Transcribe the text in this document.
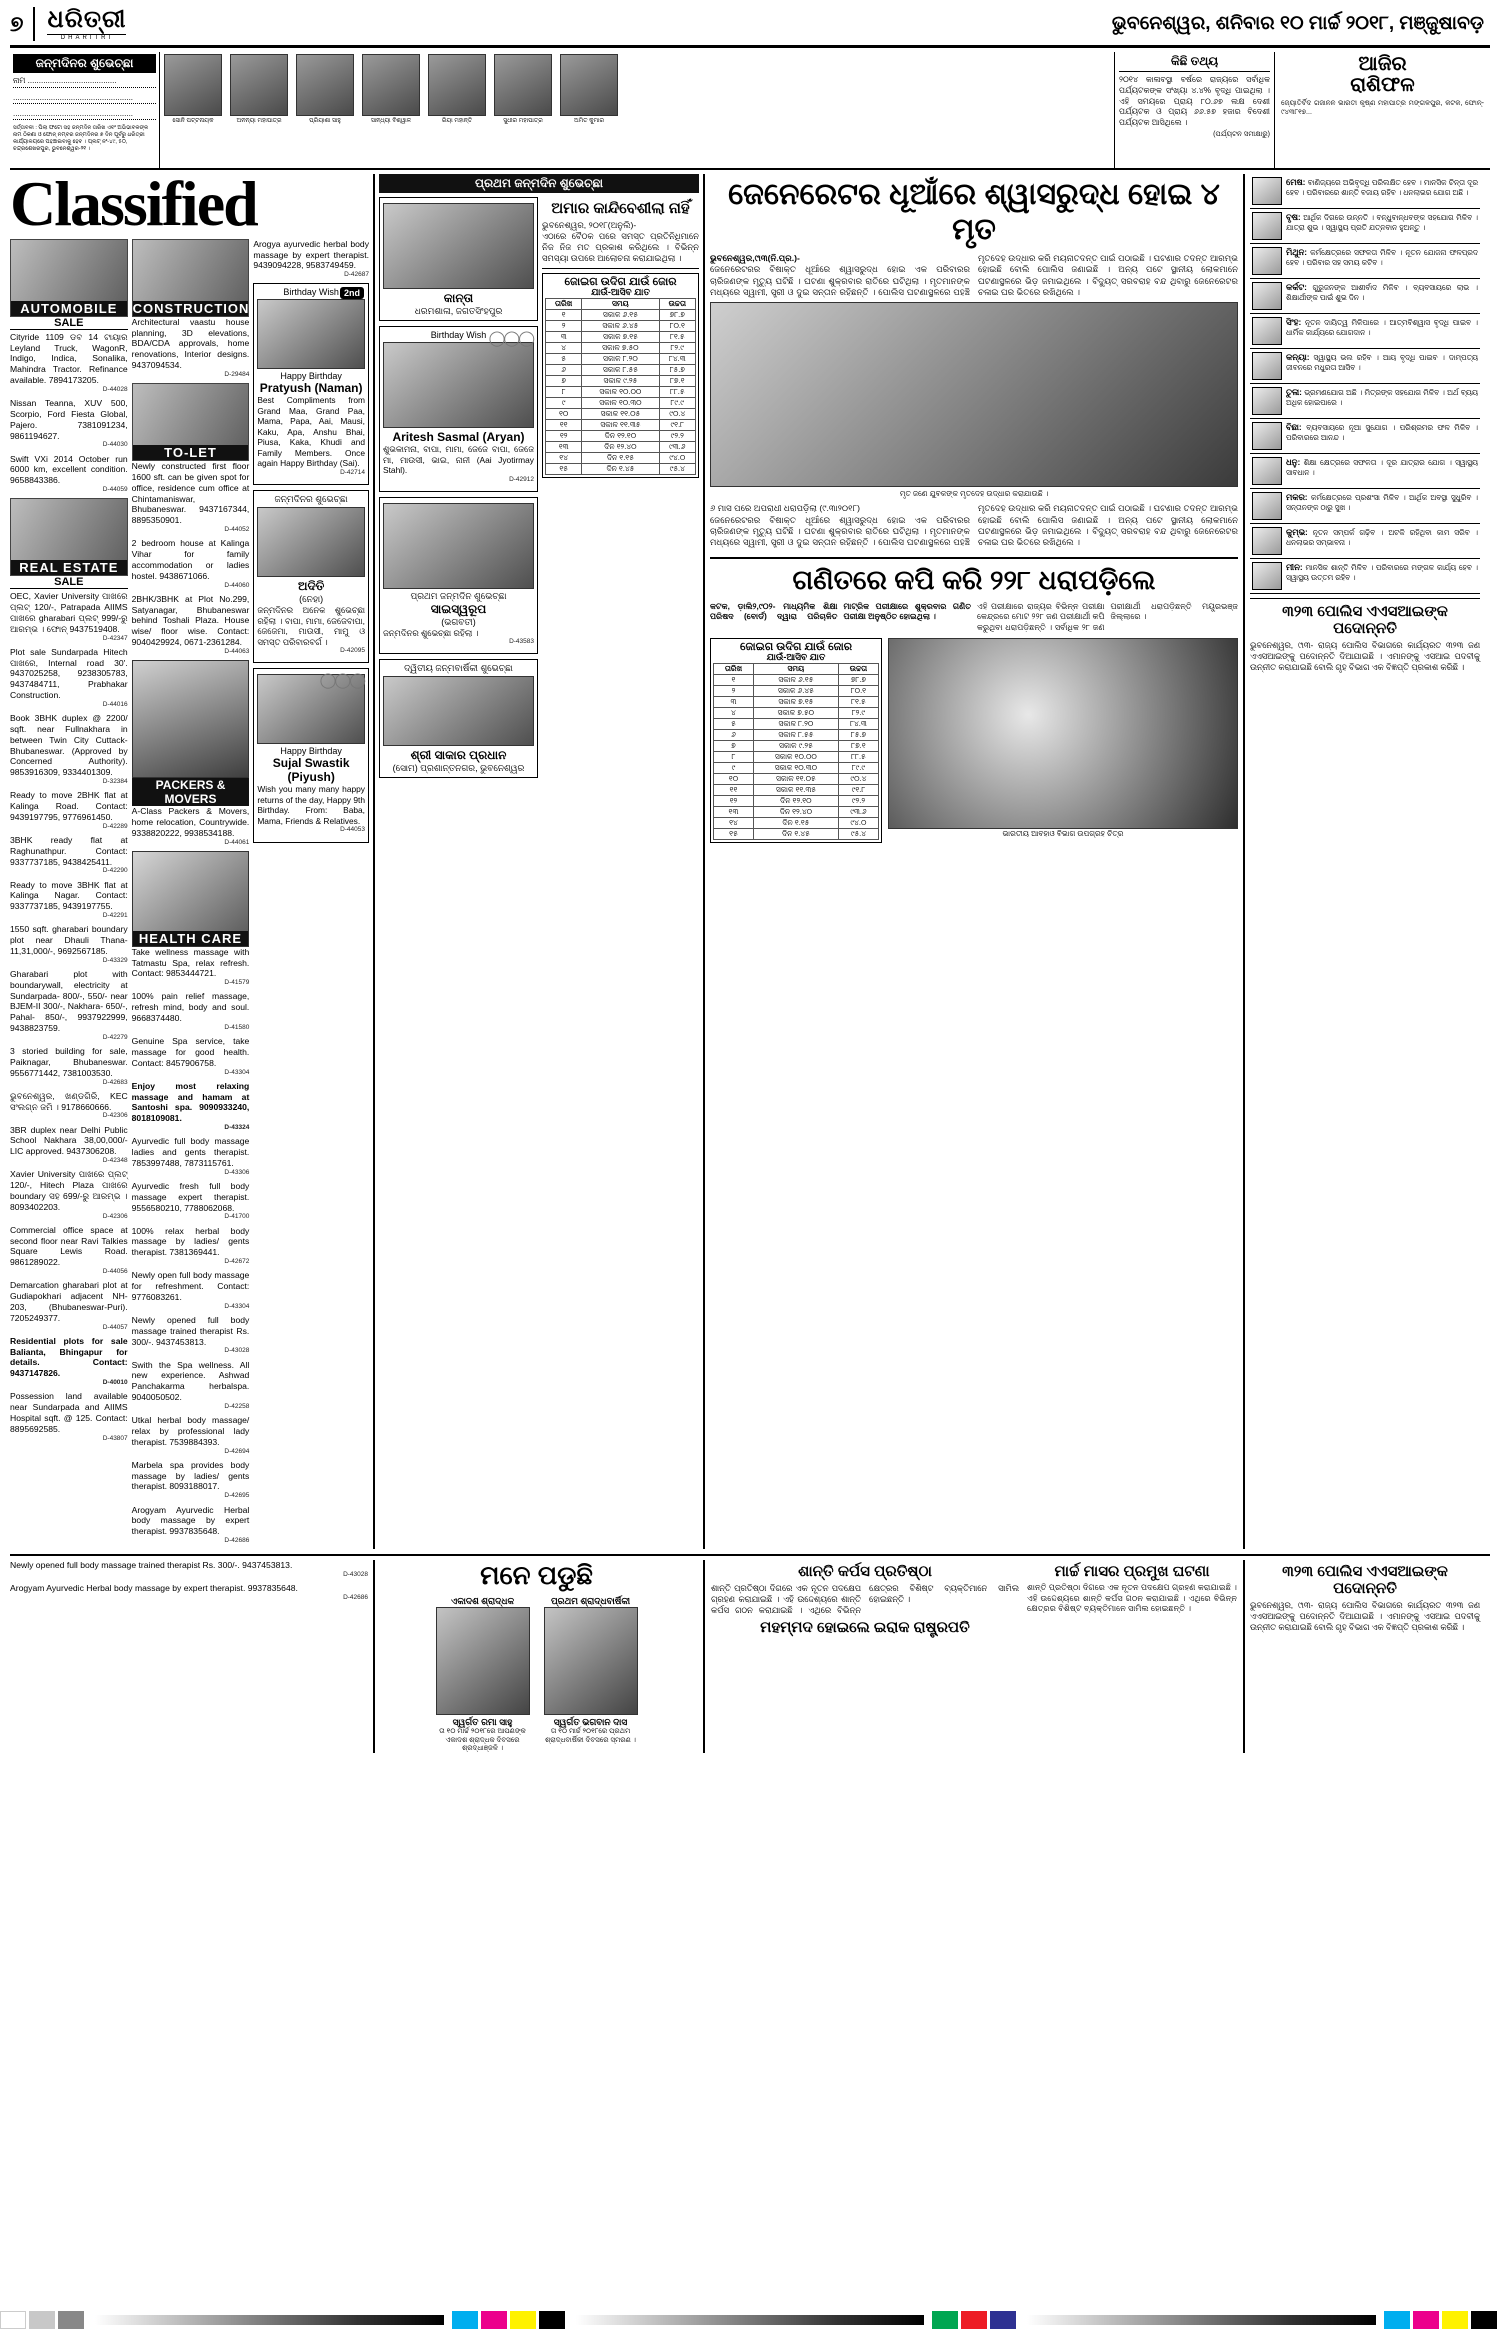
୭	ଧରିତ୍ରୀ
DHARITRI
ଭୁବନେଶ୍ୱର, ଶନିବାର ୧୦ ମାର୍ଚ୍ଚ ୨୦୧୮, ମଞ୍ଜୁଷାବଡ଼
ଜନ୍ମଦିନର ଶୁଭେଚ୍ଛା
ନାମ ........................................
......................................................
......................................................
ସର୍ତ୍ତାବଳୀ : ପିଲା ଫଟୋ ସହ ଜନ୍ମଦିନ ତାରିଖ ଏବଂ ଅଭିଭାବକଙ୍କ ନାମ ଠିକଣା ଓ ଫୋନ୍ ନମ୍ବର ଜନ୍ମଦିନର ୭ ଦିନ ପୂର୍ବରୁ ଧରିତ୍ରୀ କାର୍ଯ୍ୟାଳୟରେ ପହଞ୍ଚାଇବାକୁ ହେବ । ପ୍ଲଟ୍ ନଂ-୪୯, ୫୦, ଚନ୍ଦ୍ରଶେଖରପୁର, ଭୁବନେଶ୍ୱର-୨୧ ।
ସୋନି ପଟ୍ଟନାୟକ	ଅନନ୍ୟା ମହାପାତ୍ର	ପ୍ରିୟାଶା ସାହୁ	ସାନ୍ଧ୍ୟା ବିଶ୍ୱାଳ	ରିୟା ମହାନ୍ତି	ସୁଧୀର ମହାପାତ୍ର	ଅମିତ କୁମାର
କିଛି ତଥ୍ୟ
୨୦୧୪ କାଳାବସ୍ଥା ବର୍ଷରେ ରାଜ୍ୟରେ ସର୍ବାଧିକ ପର୍ଯ୍ୟଟକଙ୍କ ସଂଖ୍ୟା ୪.୪% ବୃଦ୍ଧି ପାଇଥିଲା । ଏହି ସମୟରେ ପ୍ରାୟ ୮୦.୬୭ ଲକ୍ଷ ଦେଶୀ ପର୍ଯ୍ୟଟକ ଓ ପ୍ରାୟ ୬୬.୫୭ ହଜାର ବିଦେଶୀ ପର୍ଯ୍ୟଟକ ଆସିଥିଲେ ।
(ପର୍ଯ୍ୟଟନ ସମୀକ୍ଷାରୁ)
ଆଜିର
ରାଶିଫଳ
ଜ୍ୟୋତିର୍ବିଦ ଗଜାନନ ଭାରତୀ କୃଷ୍ଣ ମହାପାତ୍ର ମଙ୍ଗଳପୁର, କଟକ, ଫୋନ୍- ୯୪୩୮୧୭...
Classified
AUTOMOBILE
SALE
Cityride 1109 ଡବ 14 ଟାୟାର Leyland Truck, WagonR, Indigo, Indica, Sonalika, Mahindra Tractor. Refinance available. 7894173205.
D-44028
Nissan Teanna, XUV 500, Scorpio, Ford Fiesta Global, Pajero. 7381091234, 9861194627.
D-44030
Swift VXi 2014 October run 6000 km, excellent condition. 9658843386.
D-44059
REAL ESTATE
SALE
OEC, Xavier University ପାଖରେ ପ୍ଲଟ୍ 120/-, Patrapada AIIMS ପାଖରେ gharabari ପ୍ଲଟ୍ 999/-ରୁ ଆରମ୍ଭ । ଫୋନ୍ 9437519408.
D-42347
Plot sale Sundarpada Hitech ପାଖରେ, Internal road 30'. 9437025258, 9238305783, 9437484711, Prabhakar Construction.
D-44016
Book 3BHK duplex @ 2200/ sqft. near Fullnakhara in between Twin City Cuttack- Bhubaneswar. (Approved by Concerned Authority). 9853916309, 9334401309.
D-32384
Ready to move 2BHK flat at Kalinga Road. Contact: 9439197795, 9776961450.
D-42289
3BHK ready flat at Raghunathpur. Contact: 9337737185, 9438425411.
D-42290
Ready to move 3BHK flat at Kalinga Nagar. Contact: 9337737185, 9439197755.
D-42291
1550 sqft. gharabari boundary plot near Dhauli Thana- 11,31,000/-, 9692567185.
D-43329
Gharabari plot with boundarywall, electricity at Sundarpada- 800/-, 550/- near BJEM-II 300/-, Nakhara- 650/-, Pahal- 850/-, 9937922999, 9438823759.
D-42279
3 storied building for sale, Paiknagar, Bhubaneswar. 9556771442, 7381003530.
D-42683
ଭୁବନେଶ୍ୱର, ଖଣ୍ଡଗିରି, KEC ସଂଲଗ୍ନ ଜମି । 9178660666.
D-42306
3BR duplex near Delhi Public School Nakhara 38,00,000/- LIC approved. 9437306208.
D-42348
Xavier University ପାଖରେ ପ୍ଲଟ୍ 120/-, Hitech Plaza ପାଖରେ boundary ସହ 699/-ରୁ ଆରମ୍ଭ । 8093402203.
D-42306
Commercial office space at second floor near Ravi Talkies Square Lewis Road. 9861289022.
D-44056
Demarcation gharabari plot at Gudiapokhari adjacent NH-203, (Bhubaneswar-Puri). 7205249377.
D-44057
Residential plots for sale Balianta, Bhingapur for details. Contact: 9437147826.
D-40010
Possession land available near Sundarpada and AIIMS Hospital sqft. @ 125. Contact: 8895692585.
D-43807
CONSTRUCTION
Architectural vaastu house planning, 3D elevations, BDA/CDA approvals, home renovations, Interior designs. 9437094534.
D-29484
TO-LET
Newly constructed first floor 1600 sft. can be given spot for office, residence cum office at Chintamaniswar, Bhubaneswar. 9437167344, 8895350901.
D-44052
2 bedroom house at Kalinga Vihar for family accommodation or ladies hostel. 9438671066.
D-44060
2BHK/3BHK at Plot No.299, Satyanagar, Bhubaneswar behind Toshali Plaza. House wise/ floor wise. Contact: 9040429924, 0671-2361284.
D-44063
PACKERS & MOVERS
A-Class Packers & Movers, home relocation, Countrywide. 9338820222, 9938534188.
D-44061
HEALTH CARE
Take wellness massage with Tatmastu Spa, relax refresh. Contact: 9853444721.
D-41579
100% pain relief massage, refresh mind, body and soul. 9668374480.
D-41580
Genuine Spa service, take massage for good health. Contact: 8457906758.
D-43304
Enjoy most relaxing massage and hamam at Santoshi spa. 9090933240, 8018109081.
D-43324
Ayurvedic full body massage ladies and gents therapist. 7853997488, 7873115761.
D-43306
Ayurvedic fresh full body massage expert therapist. 9556580210, 7788062068.
D-41700
100% relax herbal body massage by ladies/ gents therapist. 7381369441.
D-42672
Newly open full body massage for refreshment. Contact: 9776083261.
D-43304
Newly opened full body massage trained therapist Rs. 300/-. 9437453813.
D-43028
Swith the Spa wellness. All new experience. Ashwad Panchakarma herbalspa. 9040050502.
D-42258
Utkal herbal body massage/ relax by professional lady therapist. 7539884393.
D-42694
Marbela spa provides body massage by ladies/ gents therapist. 8093188017.
D-42695
Arogyam Ayurvedic Herbal body massage by expert therapist. 9937835648.
D-42686
Arogya ayurvedic herbal body massage by expert therapist. 9439094228, 9583749459.
D-42687
2nd
Birthday Wish
Happy Birthday
Pratyush (Naman)
Best Compliments from Grand Maa, Grand Paa, Mama, Papa, Aai, Mausi, Kaku, Apa, Anshu Bhai, Piusa, Kaka, Khudi and Family Members. Once again Happy Birthday (Sai).
D-42714
ଜନ୍ମଦିନର ଶୁଭେଚ୍ଛା
ଅଦିତି
(ନେହା)
ଜନ୍ମଦିନର ଅନେକ ଶୁଭେଚ୍ଛା ରହିଲା । ବାପା, ମାମା, ଜେଜେବାପା, ଜେଜେମା, ମାଉସୀ, ମାମୁ ଓ ସମସ୍ତ ପରିବାରବର୍ଗ ।
D-42095
◯◯◯
Happy Birthday
Sujal Swastik (Piyush)
Wish you many many happy returns of the day, Happy 9th Birthday. From: Baba, Mama, Friends & Relatives.
D-44053
ପ୍ରଥମ ଜନ୍ମଦିନ ଶୁଭେଚ୍ଛା
କାନ୍ତା
ଧରମଶାଳା, ଜଗତସିଂହପୁର
◯◯◯
Birthday Wish
Aritesh Sasmal (Aryan)
ଶୁଭକାମନା, ବାପା, ମାମା, ଜେଜେ ବାପା, ଜେଜେ ମା, ମାଉସୀ, ଭାଇ, ନାନୀ (Aai Jyotirmay Stahl).
D-42912
ପ୍ରଥମ ଜନ୍ମଦିନ ଶୁଭେଚ୍ଛା
ସାଇସ୍ୱରୂପ
(ଭଗବତୀ)
ଜନ୍ମଦିନର ଶୁଭେଚ୍ଛା ରହିଲା ।
D-43583
ଦ୍ୱିତୀୟ ଜନ୍ମବାର୍ଷିକୀ ଶୁଭେଚ୍ଛା
ଶ୍ରୀ ସାକାର ପ୍ରଧାନ
(ସୋମ) ପ୍ରଶାନ୍ତନଗର, ଭୁବନେଶ୍ୱର
ଅମାର କାନ୍ଦିବେଶୀଲା ନାହିଁ
ଭୁବନେଶ୍ୱର, ୨୦୧୮(ଅନୁଲି)-
ଏଠାରେ ବୈଠକ ପରେ ସମସ୍ତ ପ୍ରତିନିଧିମାନେ ନିଜ ନିଜ ମତ ପ୍ରକାଶ କରିଥିଲେ । ବିଭିନ୍ନ ସମସ୍ୟା ଉପରେ ଆଲୋଚନା କରାଯାଇଥିଲା ।
ଜୋଇଗ ଉଦିଗ ଯାଉଁ ଜୋର
ଯାଉଁ-ଆସିବ ଯାତ
ତାରିଖ	ସମୟ	ଉଚ୍ଚତା
୧	ସକାଳ ୬.୧୫	୭୮.୭
୨	ସକାଳ ୬.୪୫	୮୦.୧
୩	ସକାଳ ୭.୧୫	୮୧.୫
୪	ସକାଳ ୭.୫୦	୮୨.୯
୫	ସକାଳ ୮.୨୦	୮୪.୩
୬	ସକାଳ ୮.୫୫	୮୫.୭
୭	ସକାଳ ୯.୨୫	୮୭.୧
୮	ସକାଳ ୧୦.୦୦	୮୮.୫
୯	ସକାଳ ୧୦.୩୦	୮୯.୯
୧୦	ସକାଳ ୧୧.୦୫	୯୦.୪
୧୧	ସକାଳ ୧୧.୩୫	୯୧.୮
୧୨	ଦିନ ୧୨.୧୦	୯୨.୨
୧୩	ଦିନ ୧୨.୪୦	୯୩.୬
୧୪	ଦିନ ୧.୧୫	୯୪.୦
୧୫	ଦିନ ୧.୪୫	୯୫.୪
ଜେନେରେଟର ଧୂଆଁରେ ଶ୍ୱାସରୁଦ୍ଧ ହୋଇ ୪ ମୃତ
ଭୁବନେଶ୍ୱର,୯ା୩(ନି.ପ୍ର.)-
ଜେନେରେଟରର ବିଷାକ୍ତ ଧୂଆଁରେ ଶ୍ୱାସରୁଦ୍ଧ ହୋଇ ଏକ ପରିବାରର ଚାରିଜଣଙ୍କ ମୃତ୍ୟୁ ଘଟିଛି । ଘଟଣା ଶୁକ୍ରବାର ରାତିରେ ଘଟିଥିଲା । ମୃତମାନଙ୍କ ମଧ୍ୟରେ ସ୍ୱାମୀ, ସ୍ତ୍ରୀ ଓ ଦୁଇ ସନ୍ତାନ ରହିଛନ୍ତି । ପୋଲିସ ଘଟଣାସ୍ଥଳରେ ପହଞ୍ଚି ମୃତଦେହ ଉଦ୍ଧାର କରି ମୟନାତଦନ୍ତ ପାଇଁ ପଠାଇଛି । ଘଟଣାର ତଦନ୍ତ ଆରମ୍ଭ ହୋଇଛି ବୋଲି ପୋଲିସ ଜଣାଇଛି । ଅନ୍ୟ ପଟେ ସ୍ଥାନୀୟ ଲୋକମାନେ ଘଟଣାସ୍ଥଳରେ ଭିଡ଼ ଜମାଇଥିଲେ । ବିଦ୍ୟୁତ୍ ସରବରାହ ବନ୍ଦ ଥିବାରୁ ଜେନେରେଟର ଚଳାଇ ଘର ଭିତରେ ରଖିଥିଲେ ।
ମୃତ ଜଣେ ଯୁବକଙ୍କ ମୃତଦେହ ଉଦ୍ଧାର କରାଯାଉଛି ।
୬ ମାସ ପରେ ଅପରାଧୀ ଧରାପଡ଼ିଲା (୯.୩ା୨୦୧୮)
ଜେନେରେଟରର ବିଷାକ୍ତ ଧୂଆଁରେ ଶ୍ୱାସରୁଦ୍ଧ ହୋଇ ଏକ ପରିବାରର ଚାରିଜଣଙ୍କ ମୃତ୍ୟୁ ଘଟିଛି । ଘଟଣା ଶୁକ୍ରବାର ରାତିରେ ଘଟିଥିଲା । ମୃତମାନଙ୍କ ମଧ୍ୟରେ ସ୍ୱାମୀ, ସ୍ତ୍ରୀ ଓ ଦୁଇ ସନ୍ତାନ ରହିଛନ୍ତି । ପୋଲିସ ଘଟଣାସ୍ଥଳରେ ପହଞ୍ଚି ମୃତଦେହ ଉଦ୍ଧାର କରି ମୟନାତଦନ୍ତ ପାଇଁ ପଠାଇଛି । ଘଟଣାର ତଦନ୍ତ ଆରମ୍ଭ ହୋଇଛି ବୋଲି ପୋଲିସ ଜଣାଇଛି । ଅନ୍ୟ ପଟେ ସ୍ଥାନୀୟ ଲୋକମାନେ ଘଟଣାସ୍ଥଳରେ ଭିଡ଼ ଜମାଇଥିଲେ । ବିଦ୍ୟୁତ୍ ସରବରାହ ବନ୍ଦ ଥିବାରୁ ଜେନେରେଟର ଚଳାଇ ଘର ଭିତରେ ରଖିଥିଲେ ।
ଗଣିତରେ କପି କରି ୨୨୮ ଧରାପଡ଼ିଲେ
କଟକ, ଡ଼ାଲି୨,୯୦୨- ମାଧ୍ୟମିକ ଶିକ୍ଷା ପରିଷଦ (ବୋର୍ଡ) ଦ୍ୱାରା ପରିଚାଳିତ ମାଟ୍ରିକ ପରୀକ୍ଷାରେ ଶୁକ୍ରବାର ଗଣିତ ପରୀକ୍ଷା ଅନୁଷ୍ଠିତ ହୋଇଥିଲା ।
ଏହି ପରୀକ୍ଷାରେ ରାଜ୍ୟର ବିଭିନ୍ନ ପରୀକ୍ଷା କେନ୍ଦ୍ରରେ ମୋଟ ୨୨୮ ଜଣ ପରୀକ୍ଷାର୍ଥୀ କପି କରୁଥିବା ଧରାପଡ଼ିଛନ୍ତି । ସର୍ବାଧିକ ୨୮ ଜଣ ପରୀକ୍ଷାର୍ଥୀ ଧରାପଡ଼ିଛନ୍ତି ମୟୂରଭଞ୍ଜ ଜିଲ୍ଲାରେ ।
ଜୋଇଗ ଉଦିଗ ଯାଉଁ ଜୋର
ଯାଉଁ-ଆସିବ ଯାତ
ତାରିଖ	ସମୟ	ଉଚ୍ଚତା
୧	ସକାଳ ୬.୧୫	୭୮.୭
୨	ସକାଳ ୬.୪୫	୮୦.୧
୩	ସକାଳ ୭.୧୫	୮୧.୫
୪	ସକାଳ ୭.୫୦	୮୨.୯
୫	ସକାଳ ୮.୨୦	୮୪.୩
୬	ସକାଳ ୮.୫୫	୮୫.୭
୭	ସକାଳ ୯.୨୫	୮୭.୧
୮	ସକାଳ ୧୦.୦୦	୮୮.୫
୯	ସକାଳ ୧୦.୩୦	୮୯.୯
୧୦	ସକାଳ ୧୧.୦୫	୯୦.୪
୧୧	ସକାଳ ୧୧.୩୫	୯୧.୮
୧୨	ଦିନ ୧୨.୧୦	୯୨.୨
୧୩	ଦିନ ୧୨.୪୦	୯୩.୬
୧୪	ଦିନ ୧.୧୫	୯୪.୦
୧୫	ଦିନ ୧.୪୫	୯୫.୪	ଭାରତୀୟ ଆବହାଓ ବିଭାଗ ଉପଗ୍ରହ ଚିତ୍ର
ମେଷ: ବାଣିଜ୍ୟରେ ଅଭିବୃଦ୍ଧି ପରିଲକ୍ଷିତ ହେବ । ମାନସିକ ଚିନ୍ତା ଦୂର ହେବ । ପରିବାରରେ ଶାନ୍ତି ବଜାୟ ରହିବ । ଧନଲାଭର ଯୋଗ ଅଛି ।
ବୃଷ: ଆର୍ଥିକ ଦିଗରେ ଉନ୍ନତି । ବନ୍ଧୁବାନ୍ଧବଙ୍କ ସହଯୋଗ ମିଳିବ । ଯାତ୍ରା ଶୁଭ । ସ୍ୱାସ୍ଥ୍ୟ ପ୍ରତି ଯତ୍ନବାନ ହୁଅନ୍ତୁ ।
ମିଥୁନ: କର୍ମକ୍ଷେତ୍ରରେ ସଫଳତା ମିଳିବ । ନୂତନ ଯୋଜନା ଫଳପ୍ରଦ ହେବ । ପରିବାର ସହ ସମୟ କଟିବ ।
କର୍କଟ: ଗୁରୁଜନଙ୍କ ଆଶୀର୍ବାଦ ମିଳିବ । ବ୍ୟବସାୟରେ ଲାଭ । ଶିକ୍ଷାର୍ଥୀଙ୍କ ପାଇଁ ଶୁଭ ଦିନ ।
ସିଂହ: ନୂତନ ଦାୟିତ୍ୱ ମିଳିପାରେ । ଆତ୍ମବିଶ୍ୱାସ ବୃଦ୍ଧି ପାଇବ । ଧାର୍ମିକ କାର୍ଯ୍ୟରେ ଯୋଗଦାନ ।
କନ୍ୟା: ସ୍ୱାସ୍ଥ୍ୟ ଭଲ ରହିବ । ଆୟ ବୃଦ୍ଧି ପାଇବ । ଦାମ୍ପତ୍ୟ ଜୀବନରେ ମଧୁରତା ଆସିବ ।
ତୁଳା: ଭ୍ରମଣଯୋଗ ଅଛି । ମିତ୍ରଙ୍କ ସହଯୋଗ ମିଳିବ । ଅର୍ଥ ବ୍ୟୟ ଅଧିକ ହୋଇପାରେ ।
ବିଛା: ବ୍ୟବସାୟରେ ନୂଆ ସୁଯୋଗ । ପରିଶ୍ରମର ଫଳ ମିଳିବ । ପରିବାରରେ ଆନନ୍ଦ ।
ଧନୁ: ଶିକ୍ଷା କ୍ଷେତ୍ରରେ ସଫଳତା । ଦୂର ଯାତ୍ରାର ଯୋଗ । ସ୍ୱାସ୍ଥ୍ୟ ସାବଧାନ ।
ମକର: କର୍ମକ୍ଷେତ୍ରରେ ପ୍ରଶଂସା ମିଳିବ । ଆର୍ଥିକ ଅବସ୍ଥା ସୁଧୁରିବ । ସନ୍ତାନଙ୍କ ଠାରୁ ସୁଖ ।
କୁମ୍ଭ: ନୂତନ ସମ୍ପର୍କ ଗଢ଼ିବ । ଅଟକି ରହିଥିବା କାମ ସରିବ । ଧନଲାଭର ସମ୍ଭାବନା ।
ମୀନ: ମାନସିକ ଶାନ୍ତି ମିଳିବ । ପରିବାରରେ ମଙ୍ଗଳ କାର୍ଯ୍ୟ ହେବ । ସ୍ୱାସ୍ଥ୍ୟ ଉତ୍ତମ ରହିବ ।
୩୨୩ ପୋଲିସ ଏଏସଆଇଙ୍କ ପଦୋନ୍ନତି
ଭୁବନେଶ୍ୱର, ୯ା୩- ରାଜ୍ୟ ପୋଲିସ ବିଭାଗରେ କାର୍ଯ୍ୟରତ ୩୨୩ ଜଣ ଏଏସଆଇଙ୍କୁ ପଦୋନ୍ନତି ଦିଆଯାଇଛି । ଏମାନଙ୍କୁ ଏସଆଇ ପଦବୀକୁ ଉନ୍ନୀତ କରାଯାଇଛି ବୋଲି ଗୃହ ବିଭାଗ ଏକ ବିଜ୍ଞପ୍ତି ପ୍ରକାଶ କରିଛି ।
Newly opened full body massage trained therapist Rs. 300/-. 9437453813.
D-43028
Arogyam Ayurvedic Herbal body massage by expert therapist. 9937835648.
D-42686
ମନେ ପଡୁଛି
ଏକାଦଶ ଶ୍ରାଦ୍ଧକ
ସ୍ୱର୍ଗତ ରମା ସାହୁ
ତା ୧୦ ମାର୍ଚ୍ଚ ୨୦୧୮ରେ ଆପଣଙ୍କ ଏକାଦଶ ଶ୍ରାଦ୍ଧକ ଦିବସରେ ଶ୍ରଦ୍ଧାଞ୍ଜଳି ।
ପ୍ରଥମ ଶ୍ରାଦ୍ଧବାର୍ଷିକୀ
ସ୍ୱର୍ଗତ ଭଗବାନ ଦାସ
ତା ୧୦ ମାର୍ଚ୍ଚ ୨୦୧୮ରେ ପ୍ରଥମ ଶ୍ରାଦ୍ଧବାର୍ଷିକୀ ଦିବସରେ ସ୍ମରଣ ।
ଶାନ୍ତି କର୍ପସ ପ୍ରତିଷ୍ଠା
ଶାନ୍ତି ପ୍ରତିଷ୍ଠା ଦିଗରେ ଏକ ନୂତନ ପଦକ୍ଷେପ ଗ୍ରହଣ କରାଯାଇଛି । ଏହି ଉଦ୍ଦେଶ୍ୟରେ ଶାନ୍ତି କର୍ପସ ଗଠନ କରାଯାଇଛି । ଏଥିରେ ବିଭିନ୍ନ କ୍ଷେତ୍ରର ବିଶିଷ୍ଟ ବ୍ୟକ୍ତିମାନେ ସାମିଲ ହୋଇଛନ୍ତି ।
ମହମ୍ମଦ ହୋଇଲେ ଇରାକ ରାଷ୍ଟ୍ରପତି
ମାର୍ଚ୍ଚ ମାସର ପ୍ରମୁଖ ଘଟଣା
ଶାନ୍ତି ପ୍ରତିଷ୍ଠା ଦିଗରେ ଏକ ନୂତନ ପଦକ୍ଷେପ ଗ୍ରହଣ କରାଯାଇଛି । ଏହି ଉଦ୍ଦେଶ୍ୟରେ ଶାନ୍ତି କର୍ପସ ଗଠନ କରାଯାଇଛି । ଏଥିରେ ବିଭିନ୍ନ କ୍ଷେତ୍ରର ବିଶିଷ୍ଟ ବ୍ୟକ୍ତିମାନେ ସାମିଲ ହୋଇଛନ୍ତି ।
୩୨୩ ପୋଲିସ ଏଏସଆଇଙ୍କ ପଦୋନ୍ନତି
ଭୁବନେଶ୍ୱର, ୯ା୩- ରାଜ୍ୟ ପୋଲିସ ବିଭାଗରେ କାର୍ଯ୍ୟରତ ୩୨୩ ଜଣ ଏଏସଆଇଙ୍କୁ ପଦୋନ୍ନତି ଦିଆଯାଇଛି । ଏମାନଙ୍କୁ ଏସଆଇ ପଦବୀକୁ ଉନ୍ନୀତ କରାଯାଇଛି ବୋଲି ଗୃହ ବିଭାଗ ଏକ ବିଜ୍ଞପ୍ତି ପ୍ରକାଶ କରିଛି ।
